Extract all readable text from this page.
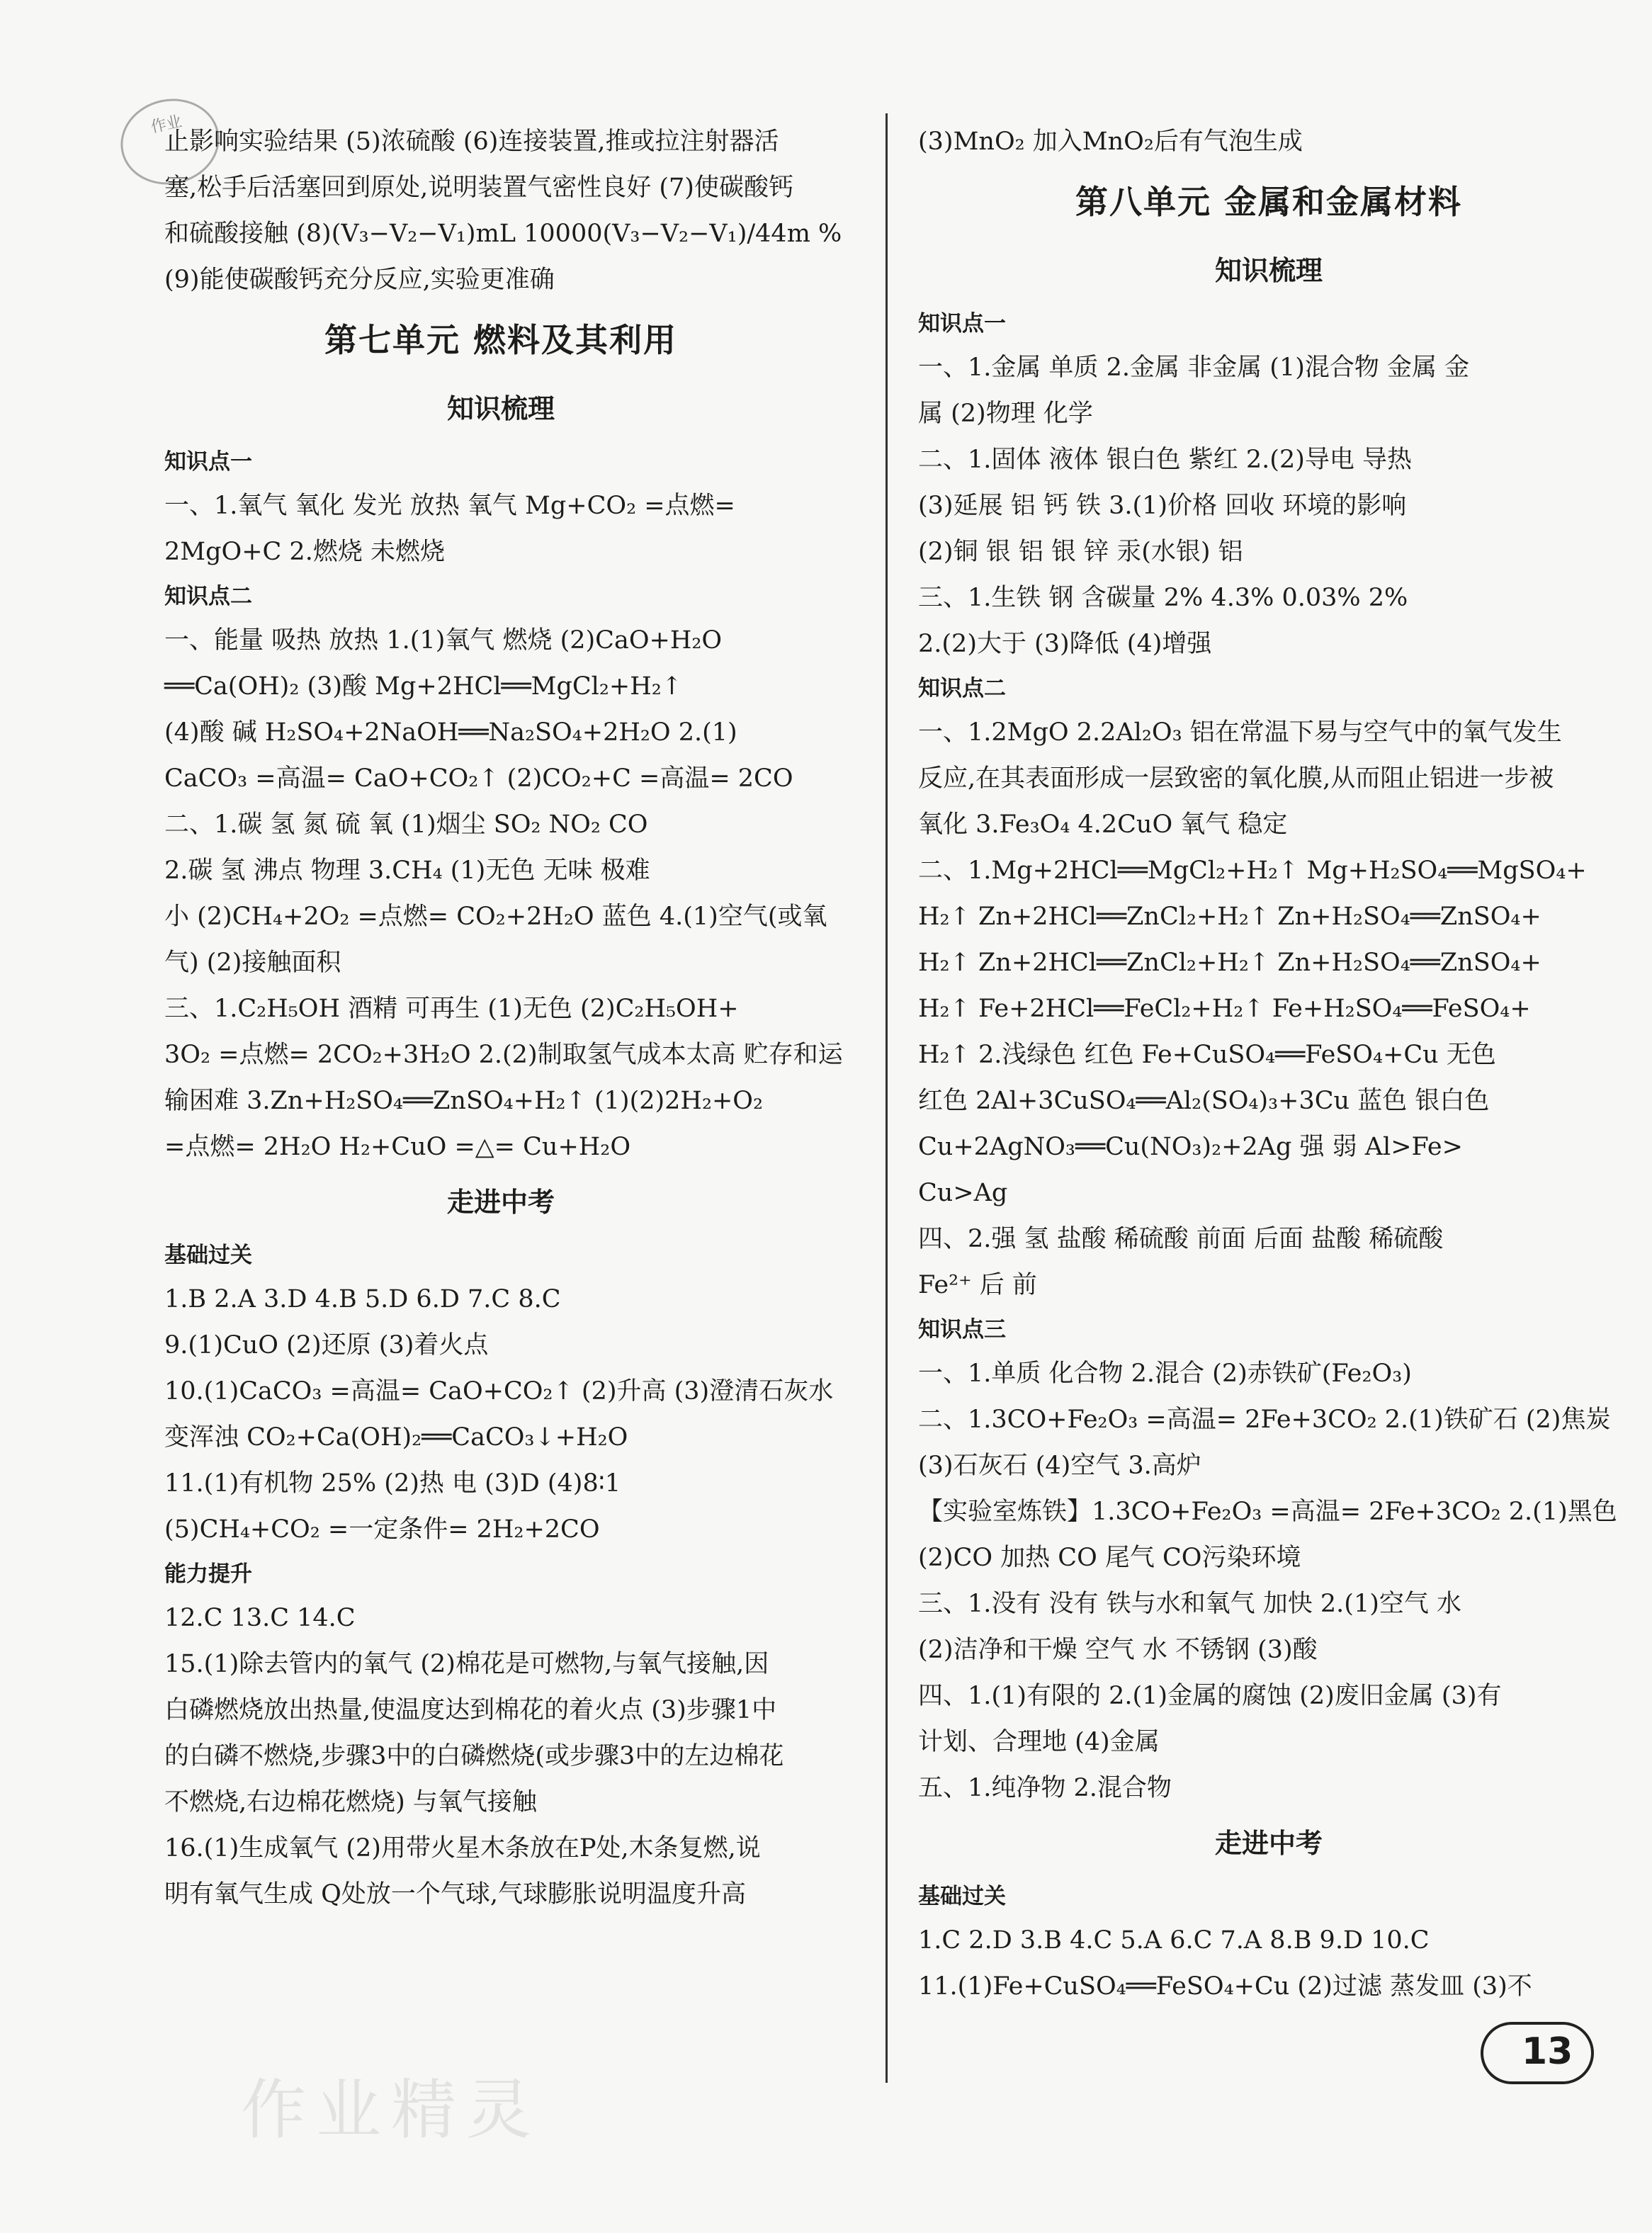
作业
止影响实验结果 (5)浓硫酸 (6)连接装置,推或拉注射器活
塞,松手后活塞回到原处,说明装置气密性良好 (7)使碳酸钙
和硫酸接触 (8)(V₃−V₂−V₁)mL 10000(V₃−V₂−V₁)/44m %
(9)能使碳酸钙充分反应,实验更准确
第七单元 燃料及其利用
知识梳理
知识点一
一、1.氧气 氧化 发光 放热 氧气 Mg+CO₂ =点燃=
2MgO+C 2.燃烧 未燃烧
知识点二
一、能量 吸热 放热 1.(1)氧气 燃烧 (2)CaO+H₂O
══Ca(OH)₂ (3)酸 Mg+2HCl══MgCl₂+H₂↑
(4)酸 碱 H₂SO₄+2NaOH══Na₂SO₄+2H₂O 2.(1)
CaCO₃ =高温= CaO+CO₂↑ (2)CO₂+C =高温= 2CO
二、1.碳 氢 氮 硫 氧 (1)烟尘 SO₂ NO₂ CO
2.碳 氢 沸点 物理 3.CH₄ (1)无色 无味 极难
小 (2)CH₄+2O₂ =点燃= CO₂+2H₂O 蓝色 4.(1)空气(或氧
气) (2)接触面积
三、1.C₂H₅OH 酒精 可再生 (1)无色 (2)C₂H₅OH+
3O₂ =点燃= 2CO₂+3H₂O 2.(2)制取氢气成本太高 贮存和运
输困难 3.Zn+H₂SO₄══ZnSO₄+H₂↑ (1)(2)2H₂+O₂
=点燃= 2H₂O H₂+CuO =△= Cu+H₂O
走进中考
基础过关
1.B 2.A 3.D 4.B 5.D 6.D 7.C 8.C
9.(1)CuO (2)还原 (3)着火点
10.(1)CaCO₃ =高温= CaO+CO₂↑ (2)升高 (3)澄清石灰水
变浑浊 CO₂+Ca(OH)₂══CaCO₃↓+H₂O
11.(1)有机物 25% (2)热 电 (3)D (4)8∶1
(5)CH₄+CO₂ =一定条件= 2H₂+2CO
能力提升
12.C 13.C 14.C
15.(1)除去管内的氧气 (2)棉花是可燃物,与氧气接触,因
白磷燃烧放出热量,使温度达到棉花的着火点 (3)步骤1中
的白磷不燃烧,步骤3中的白磷燃烧(或步骤3中的左边棉花
不燃烧,右边棉花燃烧) 与氧气接触
16.(1)生成氧气 (2)用带火星木条放在P处,木条复燃,说
明有氧气生成 Q处放一个气球,气球膨胀说明温度升高
(3)MnO₂ 加入MnO₂后有气泡生成
第八单元 金属和金属材料
知识梳理
知识点一
一、1.金属 单质 2.金属 非金属 (1)混合物 金属 金
属 (2)物理 化学
二、1.固体 液体 银白色 紫红 2.(2)导电 导热
(3)延展 铝 钙 铁 3.(1)价格 回收 环境的影响
(2)铜 银 铝 银 锌 汞(水银) 铝
三、1.生铁 钢 含碳量 2% 4.3% 0.03% 2%
2.(2)大于 (3)降低 (4)增强
知识点二
一、1.2MgO 2.2Al₂O₃ 铝在常温下易与空气中的氧气发生
反应,在其表面形成一层致密的氧化膜,从而阻止铝进一步被
氧化 3.Fe₃O₄ 4.2CuO 氧气 稳定
二、1.Mg+2HCl══MgCl₂+H₂↑ Mg+H₂SO₄══MgSO₄+
H₂↑ Zn+2HCl══ZnCl₂+H₂↑ Zn+H₂SO₄══ZnSO₄+
H₂↑ Zn+2HCl══ZnCl₂+H₂↑ Zn+H₂SO₄══ZnSO₄+
H₂↑ Fe+2HCl══FeCl₂+H₂↑ Fe+H₂SO₄══FeSO₄+
H₂↑ 2.浅绿色 红色 Fe+CuSO₄══FeSO₄+Cu 无色
红色 2Al+3CuSO₄══Al₂(SO₄)₃+3Cu 蓝色 银白色
Cu+2AgNO₃══Cu(NO₃)₂+2Ag 强 弱 Al>Fe>
Cu>Ag
四、2.强 氢 盐酸 稀硫酸 前面 后面 盐酸 稀硫酸
Fe²⁺ 后 前
知识点三
一、1.单质 化合物 2.混合 (2)赤铁矿(Fe₂O₃)
二、1.3CO+Fe₂O₃ =高温= 2Fe+3CO₂ 2.(1)铁矿石 (2)焦炭
(3)石灰石 (4)空气 3.高炉
【实验室炼铁】1.3CO+Fe₂O₃ =高温= 2Fe+3CO₂ 2.(1)黑色
(2)CO 加热 CO 尾气 CO污染环境
三、1.没有 没有 铁与水和氧气 加快 2.(1)空气 水
(2)洁净和干燥 空气 水 不锈钢 (3)酸
四、1.(1)有限的 2.(1)金属的腐蚀 (2)废旧金属 (3)有
计划、合理地 (4)金属
五、1.纯净物 2.混合物
走进中考
基础过关
1.C 2.D 3.B 4.C 5.A 6.C 7.A 8.B 9.D 10.C
11.(1)Fe+CuSO₄══FeSO₄+Cu (2)过滤 蒸发皿 (3)不
作业精灵
13
